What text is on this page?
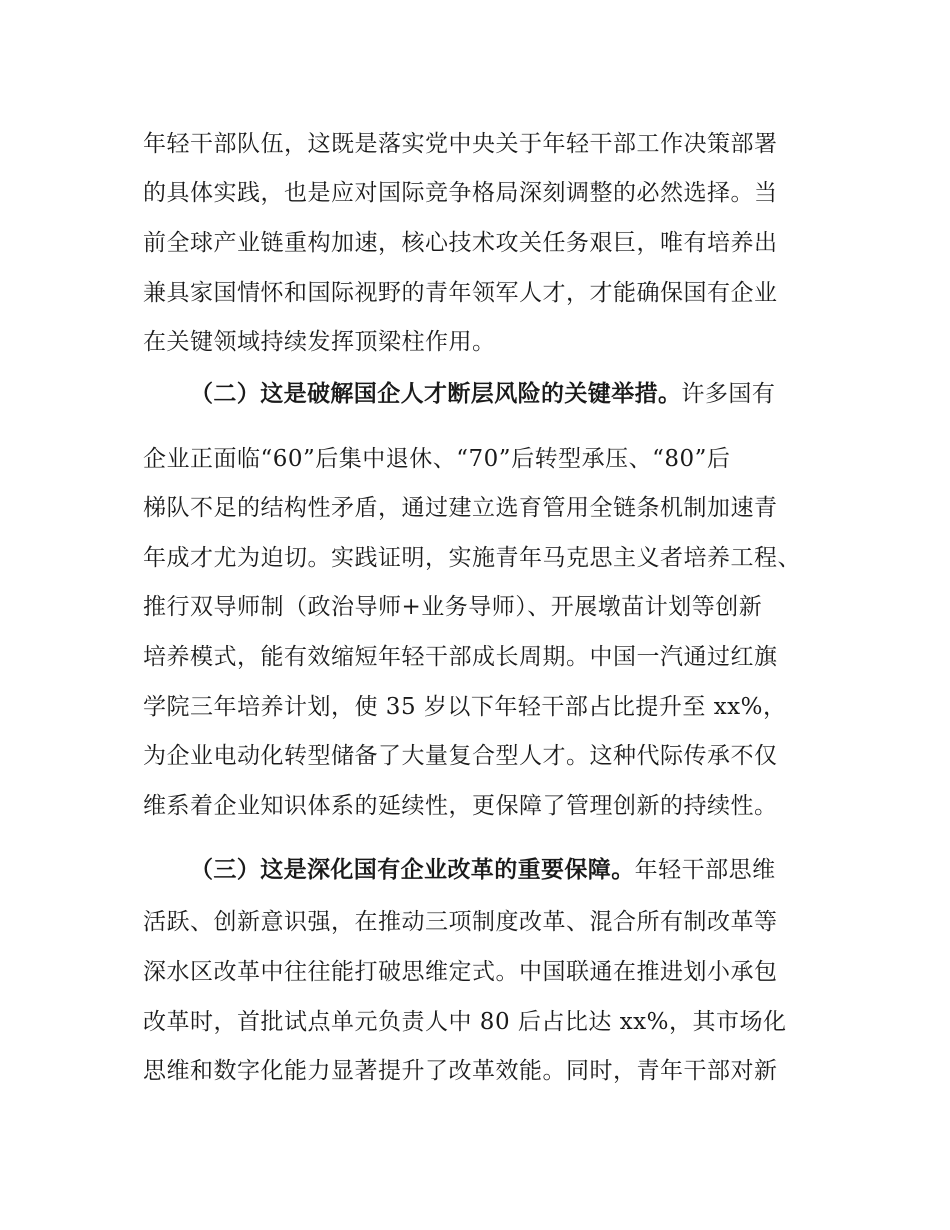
年轻干部队伍，这既是落实党中央关于年轻干部工作决策部署
的具体实践，也是应对国际竞争格局深刻调整的必然选择。当
前全球产业链重构加速，核心技术攻关任务艰巨，唯有培养出
兼具家国情怀和国际视野的青年领军人才，才能确保国有企业
在关键领域持续发挥顶梁柱作用。
（二）这是破解国企人才断层风险的关键举措。许多国有
企业正面临“60”后集中退休、“70”后转型承压、“80”后
梯队不足的结构性矛盾，通过建立选育管用全链条机制加速青
年成才尤为迫切。实践证明，实施青年马克思主义者培养工程、
推行双导师制（政治导师+业务导师）、开展墩苗计划等创新
培养模式，能有效缩短年轻干部成长周期。中国一汽通过红旗
学院三年培养计划，使 35 岁以下年轻干部占比提升至 xx%，
为企业电动化转型储备了大量复合型人才。这种代际传承不仅
维系着企业知识体系的延续性，更保障了管理创新的持续性。
（三）这是深化国有企业改革的重要保障。年轻干部思维
活跃、创新意识强，在推动三项制度改革、混合所有制改革等
深水区改革中往往能打破思维定式。中国联通在推进划小承包
改革时，首批试点单元负责人中 80 后占比达 xx%，其市场化
思维和数字化能力显著提升了改革效能。同时，青年干部对新
